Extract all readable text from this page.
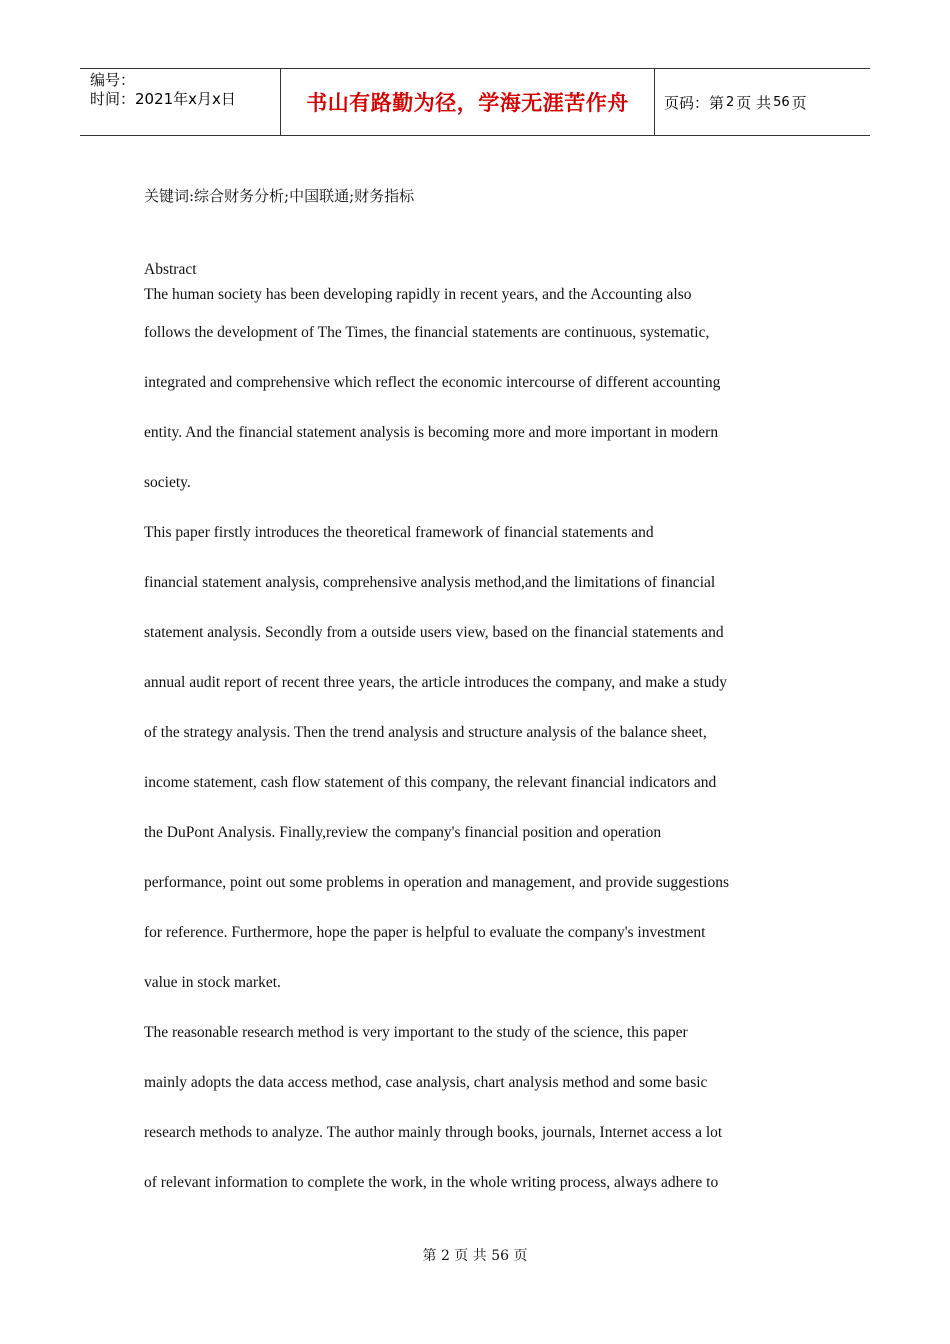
编号：
时间：2021年x月x日	书山有路勤为径，学海无涯苦作舟	页码：第 2 页 共 56 页
关键词:综合财务分析;中国联通;财务指标
Abstract

The human society has been developing rapidly in recent years, and the Accounting also

follows the development of The Times, the financial statements are continuous, systematic,

integrated and comprehensive which reflect the economic intercourse of different accounting

entity. And the financial statement analysis is becoming more and more important in modern

society.

This paper firstly introduces the theoretical framework of financial statements and

financial statement analysis, comprehensive analysis method,and the limitations of financial

statement analysis. Secondly from a outside users view, based on the financial statements and

annual audit report of recent three years, the article introduces the company, and make a study

of the strategy analysis. Then the trend analysis and structure analysis of the balance sheet,

income statement, cash flow statement of this company, the relevant financial indicators and

the DuPont Analysis. Finally,review the company's financial position and operation

performance, point out some problems in operation and management, and provide suggestions

for reference. Furthermore, hope the paper is helpful to evaluate the company's investment

value in stock market.

The reasonable research method is very important to the study of the science, this paper

mainly adopts the data access method, case analysis, chart analysis method and some basic

research methods to analyze. The author mainly through books, journals, Internet access a lot

of relevant information to complete the work, in the whole writing process, always adhere to

第 2 页 共 56 页
